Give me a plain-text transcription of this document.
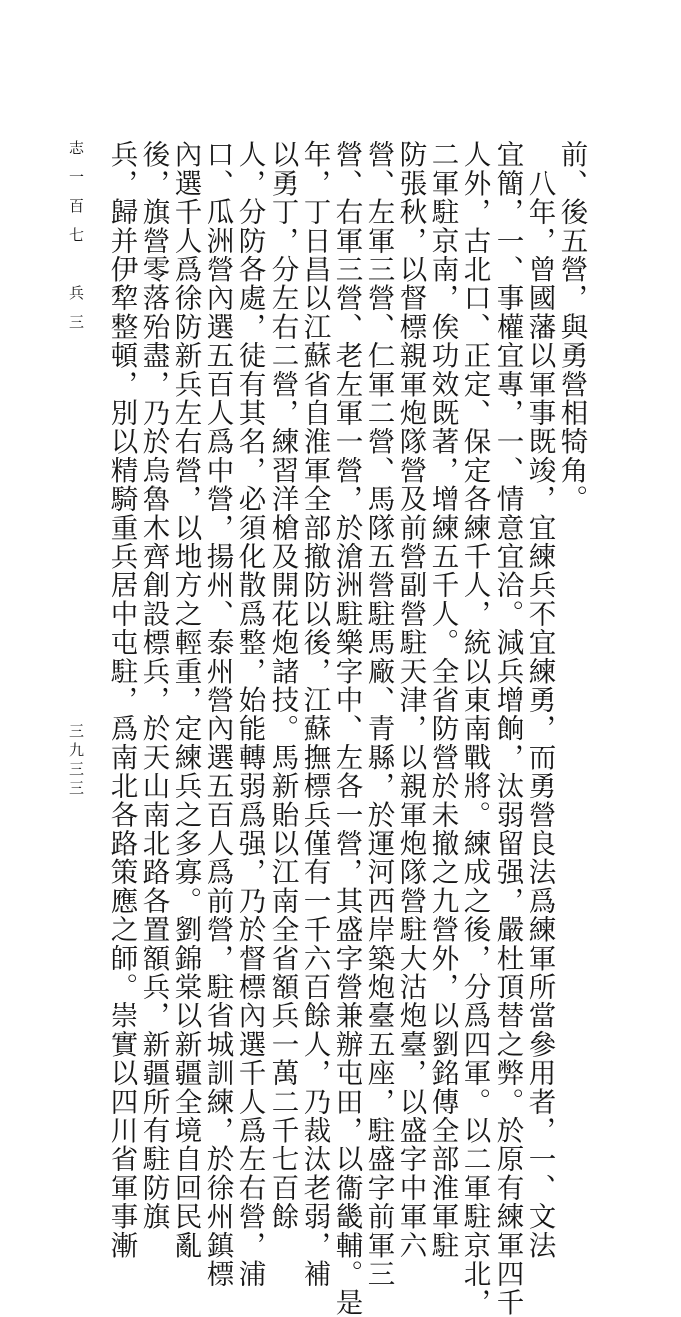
前、後五營，與勇營相犄角。
　八年，曾國藩以軍事既竣，宜練兵不宜練勇，而勇營良法爲練軍所當參用者，一、文法
宜簡，一、事權宜專，一、情意宜洽。減兵增餉，汰弱留强，嚴杜頂替之弊。於原有練軍四千
人外，古北口、正定、保定各練千人，統以東南戰將。練成之後，分爲四軍。以二軍駐京北，
二軍駐京南，俟功效既著，增練五千人。全省防營於未撤之九營外，以劉銘傳全部淮軍駐
防張秋，以督標親軍炮隊營及前營副營駐天津，以親軍炮隊營駐大沽炮臺，以盛字中軍六
營、左軍三營、仁軍二營、馬隊五營駐馬廠、青縣，於運河西岸築炮臺五座，駐盛字前軍三
營、右軍三營、老左軍一營，於滄洲駐樂字中、左各一營，其盛字營兼辦屯田，以衞畿輔。是
年，丁日昌以江蘇省自淮軍全部撤防以後，江蘇撫標兵僅有一千六百餘人，乃裁汰老弱，補
以勇丁，分左右二營，練習洋槍及開花炮諸技。馬新貽以江南全省額兵一萬二千七百餘
人，分防各處，徒有其名，必須化散爲整，始能轉弱爲强，乃於督標內選千人爲左右營，浦
口、瓜洲營內選五百人爲中營，揚州、泰州營內選五百人爲前營，駐省城訓練，於徐州鎮標
內選千人爲徐防新兵左右營，以地方之輕重，定練兵之多寡。劉錦棠以新疆全境自回民亂
後，旗營零落殆盡，乃於烏魯木齊創設標兵，於天山南北路各置額兵，新疆所有駐防旗
兵，歸并伊犂整頓，別以精騎重兵居中屯駐，爲南北各路策應之師。崇實以四川省軍事漸
志一百七　兵三
三九三三
